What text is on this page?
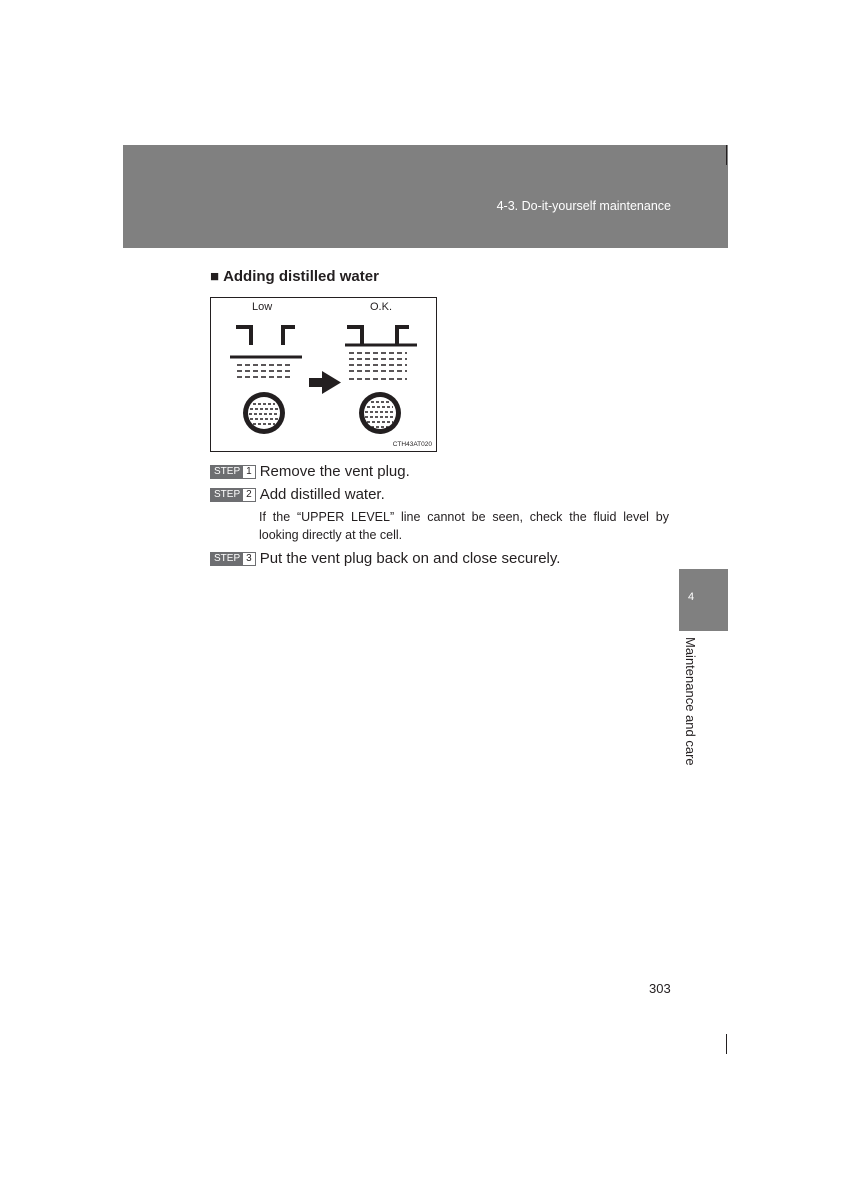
4-3. Do-it-yourself maintenance
■ Adding distilled water
Low	O.K.
CTH43AT020
STEP 1 Remove the vent plug.
STEP 2 Add distilled water.
If the “UPPER LEVEL” line cannot be seen, check the fluid level by looking directly at the cell.
STEP 3 Put the vent plug back on and close securely.
4
Maintenance and care
303
